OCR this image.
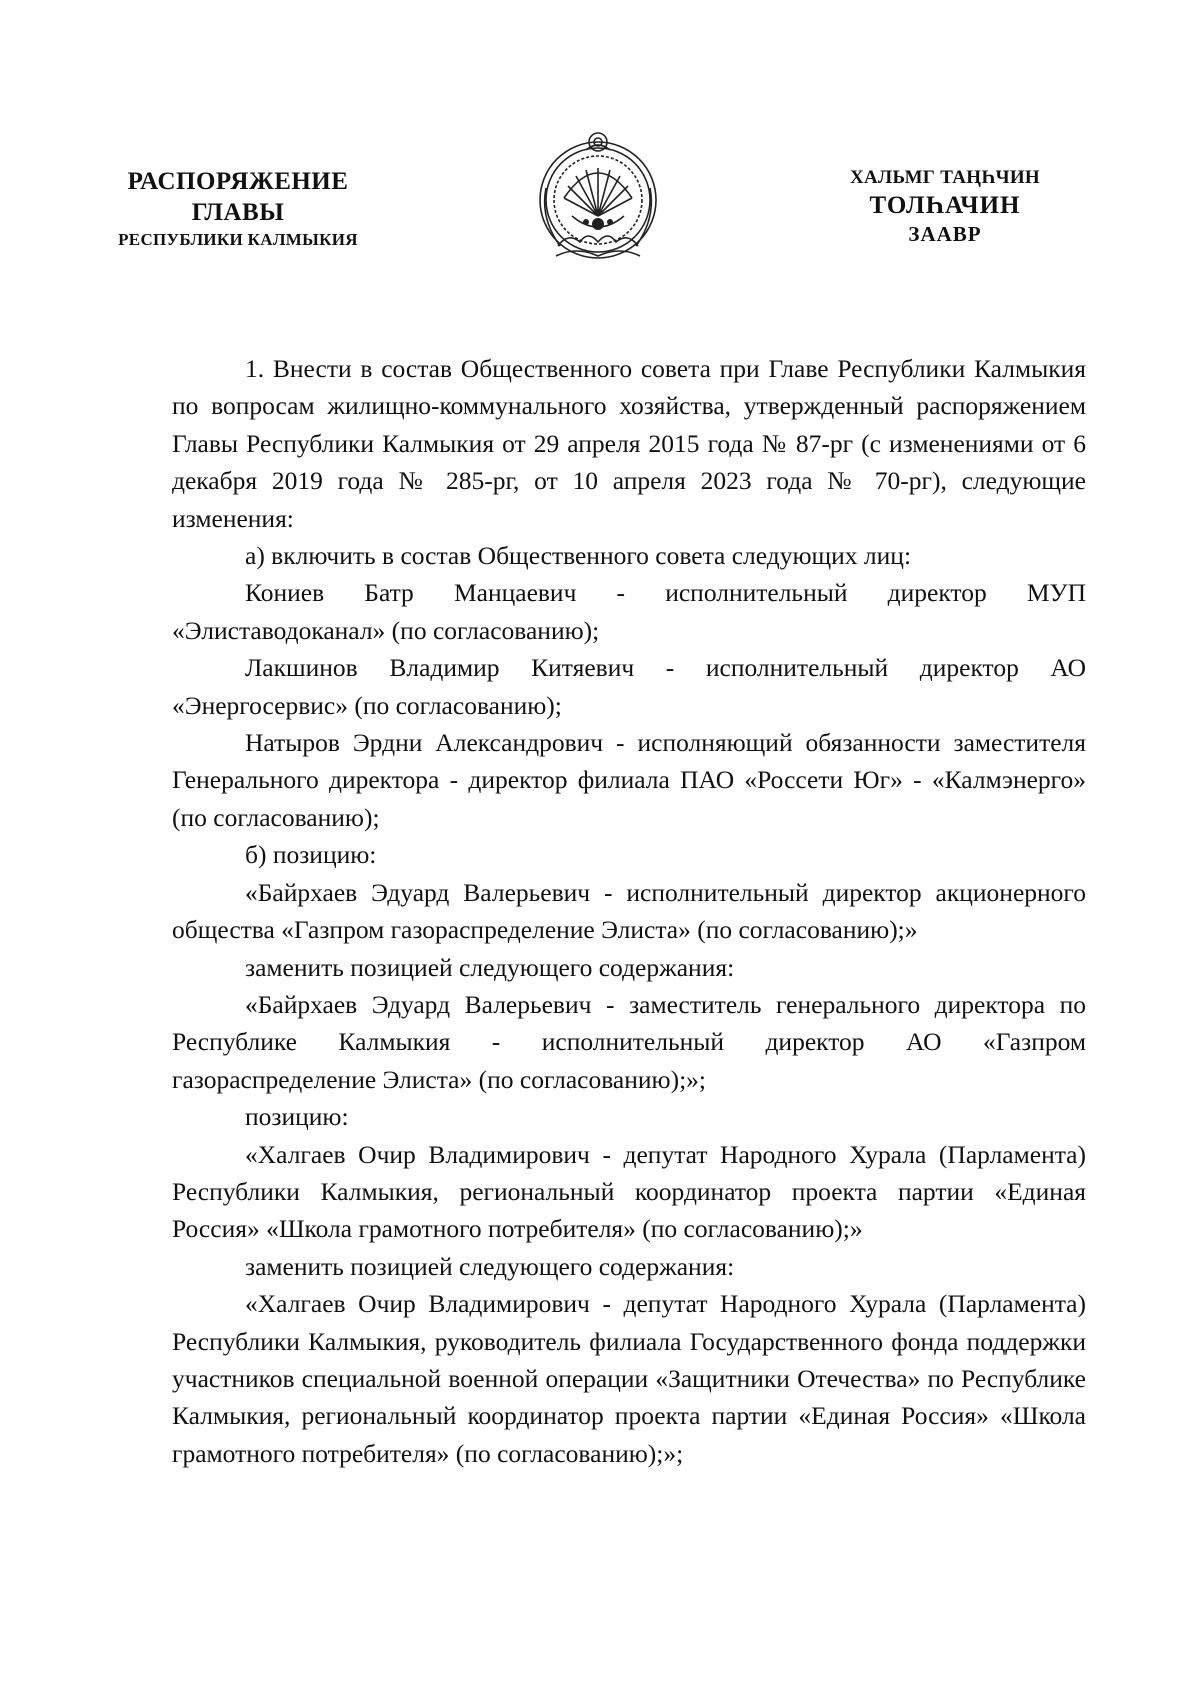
РАСПОРЯЖЕНИЕ
ГЛАВЫ
РЕСПУБЛИКИ КАЛМЫКИЯ
ХАЛЬМГ ТАҢҺЧИН
ТОЛҺАЧИН
ЗААВР

1. Внести в состав Общественного совета при Главе Республики Калмыкия по вопросам жилищно-коммунального хозяйства, утвержденный распоряжением Главы Республики Калмыкия от 29 апреля 2015 года № 87-рг (с изменениями от 6 декабря 2019 года № 285-рг, от 10 апреля 2023 года № 70-рг), следующие изменения:

а) включить в состав Общественного совета следующих лиц:

Кониев Батр Манцаевич - исполнительный директор МУП «Элиставодоканал» (по согласованию);

Лакшинов Владимир Китяевич - исполнительный директор АО «Энергосервис» (по согласованию);

Натыров Эрдни Александрович - исполняющий обязанности заместителя Генерального директора - директор филиала ПАО «Россети Юг» - «Калмэнерго» (по согласованию);

б) позицию:

«Байрхаев Эдуард Валерьевич - исполнительный директор акционерного общества «Газпром газораспределение Элиста» (по согласованию);»

заменить позицией следующего содержания:

«Байрхаев Эдуард Валерьевич - заместитель генерального директора по Республике Калмыкия - исполнительный директор АО «Газпром газораспределение Элиста» (по согласованию);»;

позицию:

«Халгаев Очир Владимирович - депутат Народного Хурала (Парламента) Республики Калмыкия, региональный координатор проекта партии «Единая Россия» «Школа грамотного потребителя» (по согласованию);»

заменить позицией следующего содержания:

«Халгаев Очир Владимирович - депутат Народного Хурала (Парламента) Республики Калмыкия, руководитель филиала Государственного фонда поддержки участников специальной военной операции «Защитники Отечества» по Республике Калмыкия, региональный координатор проекта партии «Единая Россия» «Школа грамотного потребителя» (по согласованию);»;
